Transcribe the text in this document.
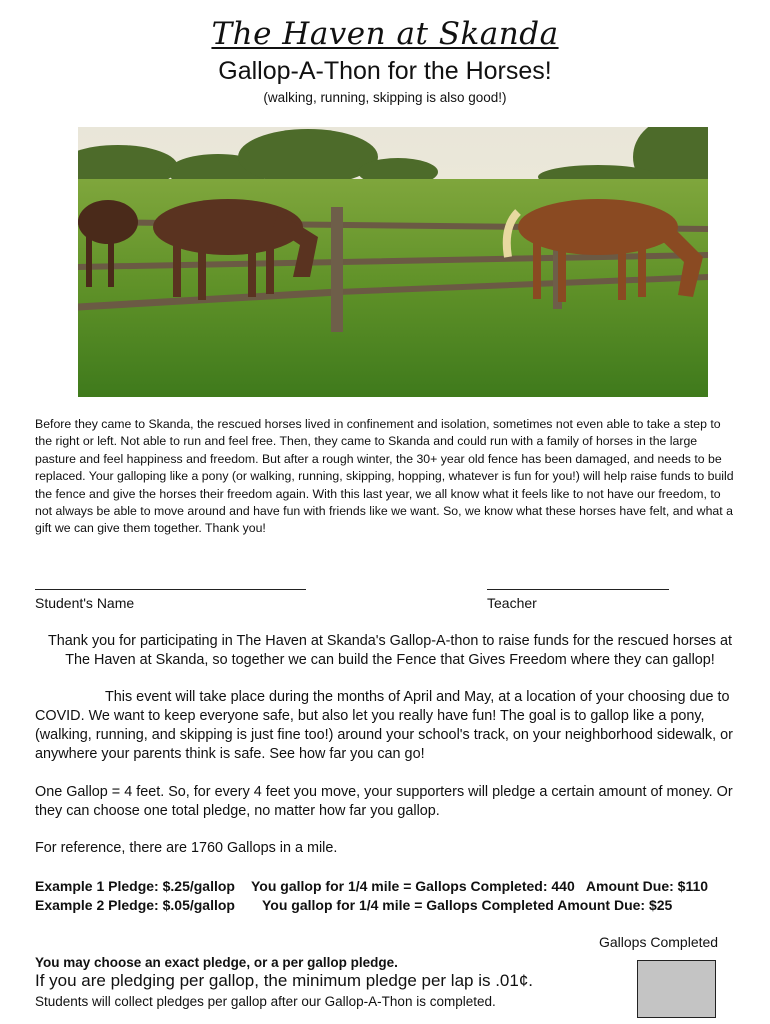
The Haven at Skanda
Gallop-A-Thon for the Horses!
(walking, running, skipping is also good!)

Before they came to Skanda, the rescued horses lived in confinement and isolation, sometimes not even able to take a step to the right or left. Not able to run and feel free. Then, they came to Skanda and could run with a family of horses in the large pasture and feel happiness and freedom. But after a rough winter, the 30+ year old fence has been damaged, and needs to be replaced. Your galloping like a pony (or walking, running, skipping, hopping, whatever is fun for you!) will help raise funds to build the fence and give the horses their freedom again. With this last year, we all know what it feels like to not have our freedom, to not always be able to move around and have fun with friends like we want. So, we know what these horses have felt, and what a gift we can give them together. Thank you!

Student's Name	Teacher

Thank you for participating in The Haven at Skanda's Gallop-A-thon to raise funds for the rescued horses at The Haven at Skanda, so together we can build the Fence that Gives Freedom where they can gallop!

This event will take place during the months of April and May, at a location of your choosing due to COVID. We want to keep everyone safe, but also let you really have fun! The goal is to gallop like a pony, (walking, running, and skipping is just fine too!) around your school's track, on your neighborhood sidewalk, or anywhere your parents think is safe. See how far you can go!

One Gallop = 4 feet. So, for every 4 feet you move, your supporters will pledge a certain amount of money. Or they can choose one total pledge, no matter how far you gallop.

For reference, there are 1760 Gallops in a mile.

Example 1 Pledge: $.25/gallop You gallop for 1/4 mile = Gallops Completed: 440   Amount Due: $110
Example 2 Pledge: $.05/gallop You gallop for 1/4 mile = Gallops Completed Amount Due: $25
Gallops Completed
You may choose an exact pledge, or a per gallop pledge.
If you are pledging per gallop, the minimum pledge per lap is .01¢.
Students will collect pledges per gallop after our Gallop-A-Thon is completed.
